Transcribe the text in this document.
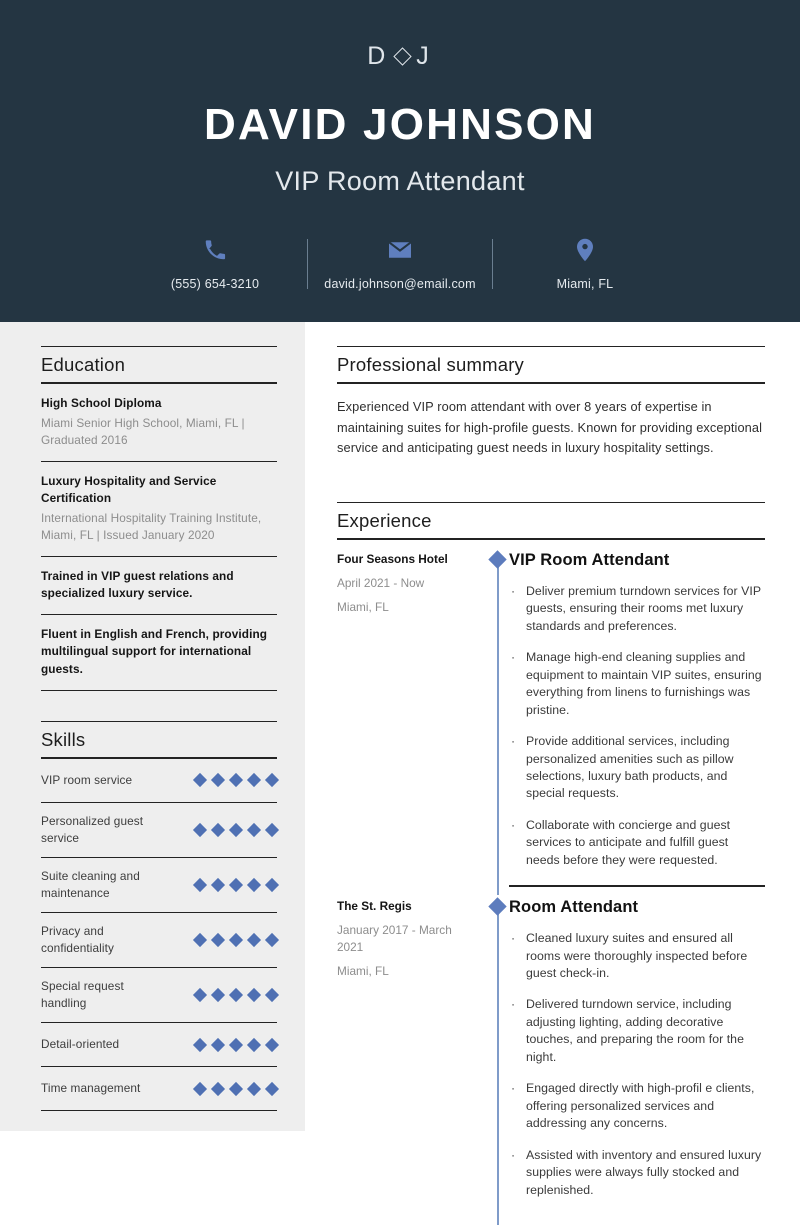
D J
DAVID JOHNSON
VIP Room Attendant
(555) 654-3210	david.johnson@email.com	Miami, FL
Education
High School Diploma
Miami Senior High School, Miami, FL | Graduated 2016
Luxury Hospitality and Service Certification
International Hospitality Training Institute, Miami, FL | Issued January 2020
Trained in VIP guest relations and specialized luxury service.
Fluent in English and French, providing multilingual support for international guests.
Skills
VIP room service
Personalized guest service
Suite cleaning and maintenance
Privacy and confidentiality
Special request handling
Detail-oriented
Time management
Professional summary
Experienced VIP room attendant with over 8 years of expertise in maintaining suites for high-profile guests. Known for providing exceptional service and anticipating guest needs in luxury hospitality settings.
Experience
Four Seasons Hotel
April 2021 - Now
Miami, FL
VIP Room Attendant
· Deliver premium turndown services for VIP guests, ensuring their rooms met luxury standards and preferences.
· Manage high-end cleaning supplies and equipment to maintain VIP suites, ensuring everything from linens to furnishings was pristine.
· Provide additional services, including personalized amenities such as pillow selections, luxury bath products, and special requests.
· Collaborate with concierge and guest services to anticipate and fulfill guest needs before they were requested.
The St. Regis
January 2017 - March 2021
Miami, FL
Room Attendant
· Cleaned luxury suites and ensured all rooms were thoroughly inspected before guest check-in.
· Delivered turndown service, including adjusting lighting, adding decorative touches, and preparing the room for the night.
· Engaged directly with high-profil e clients, offering personalized services and addressing any concerns.
· Assisted with inventory and ensured luxury supplies were always fully stocked and replenished.
